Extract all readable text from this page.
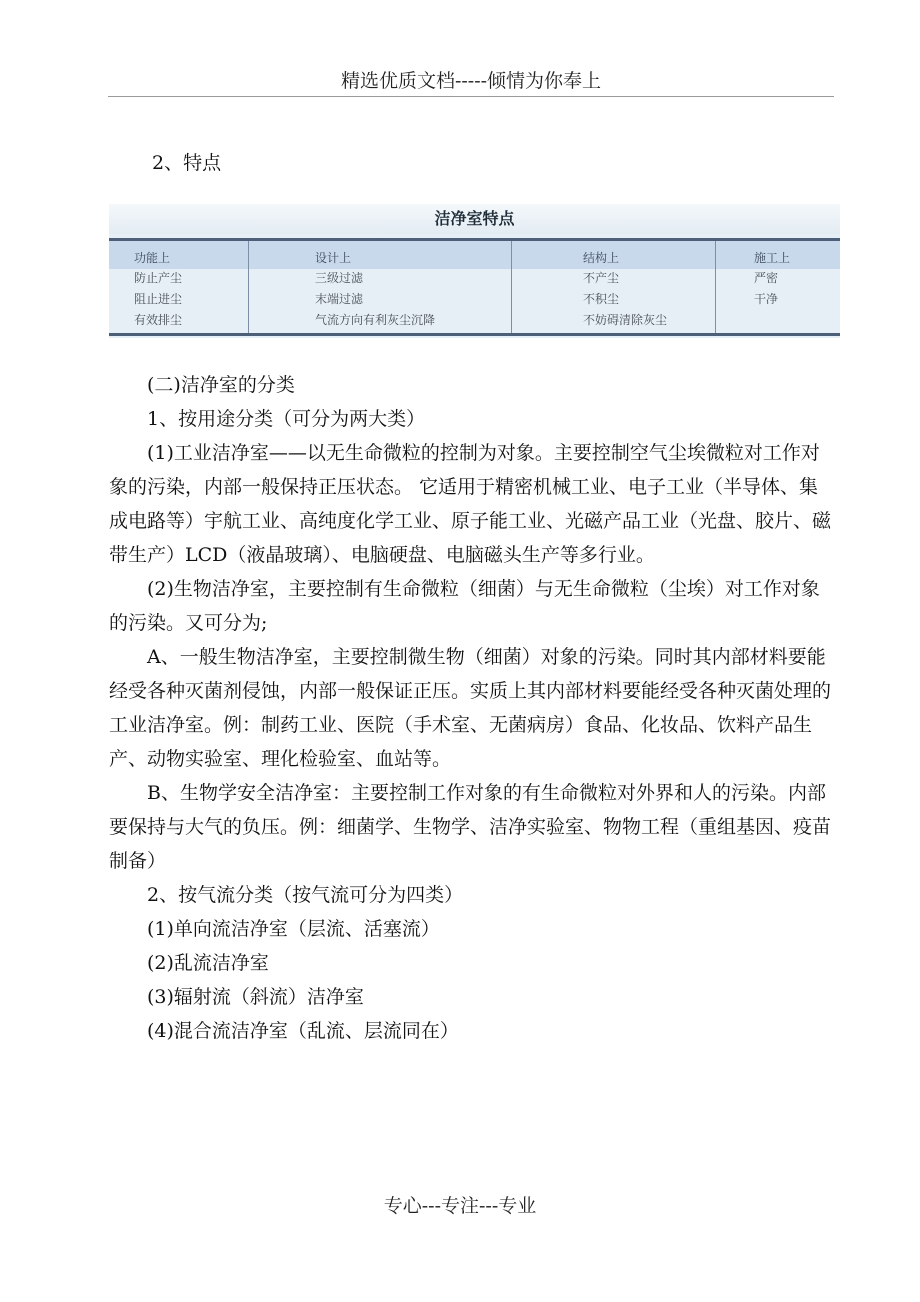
精选优质文档-----倾情为你奉上
2、特点
洁净室特点
功能上	设计上	结构上	施工上
防止产尘	三级过滤	不产尘	严密
阻止进尘	末端过滤	不积尘	干净
有效排尘	气流方向有利灰尘沉降	不妨碍清除灰尘

(二)洁净室的分类

1、按用途分类（可分为两大类）

(1)工业洁净室——以无生命微粒的控制为对象。主要控制空气尘埃微粒对工作对象的污染，内部一般保持正压状态。 它适用于精密机械工业、电子工业（半导体、集成电路等）宇航工业、高纯度化学工业、原子能工业、光磁产品工业（光盘、胶片、磁带生产）LCD（液晶玻璃）、电脑硬盘、电脑磁头生产等多行业。

(2)生物洁净室，主要控制有生命微粒（细菌）与无生命微粒（尘埃）对工作对象的污染。又可分为;

A、一般生物洁净室，主要控制微生物（细菌）对象的污染。同时其内部材料要能经受各种灭菌剂侵蚀，内部一般保证正压。实质上其内部材料要能经受各种灭菌处理的工业洁净室。例：制药工业、医院（手术室、无菌病房）食品、化妆品、饮料产品生产、动物实验室、理化检验室、血站等。

B、生物学安全洁净室：主要控制工作对象的有生命微粒对外界和人的污染。内部要保持与大气的负压。例：细菌学、生物学、洁净实验室、物物工程（重组基因、疫苗制备）

2、按气流分类（按气流可分为四类）

(1)单向流洁净室（层流、活塞流）

(2)乱流洁净室

(3)辐射流（斜流）洁净室

(4)混合流洁净室（乱流、层流同在）

专心---专注---专业
